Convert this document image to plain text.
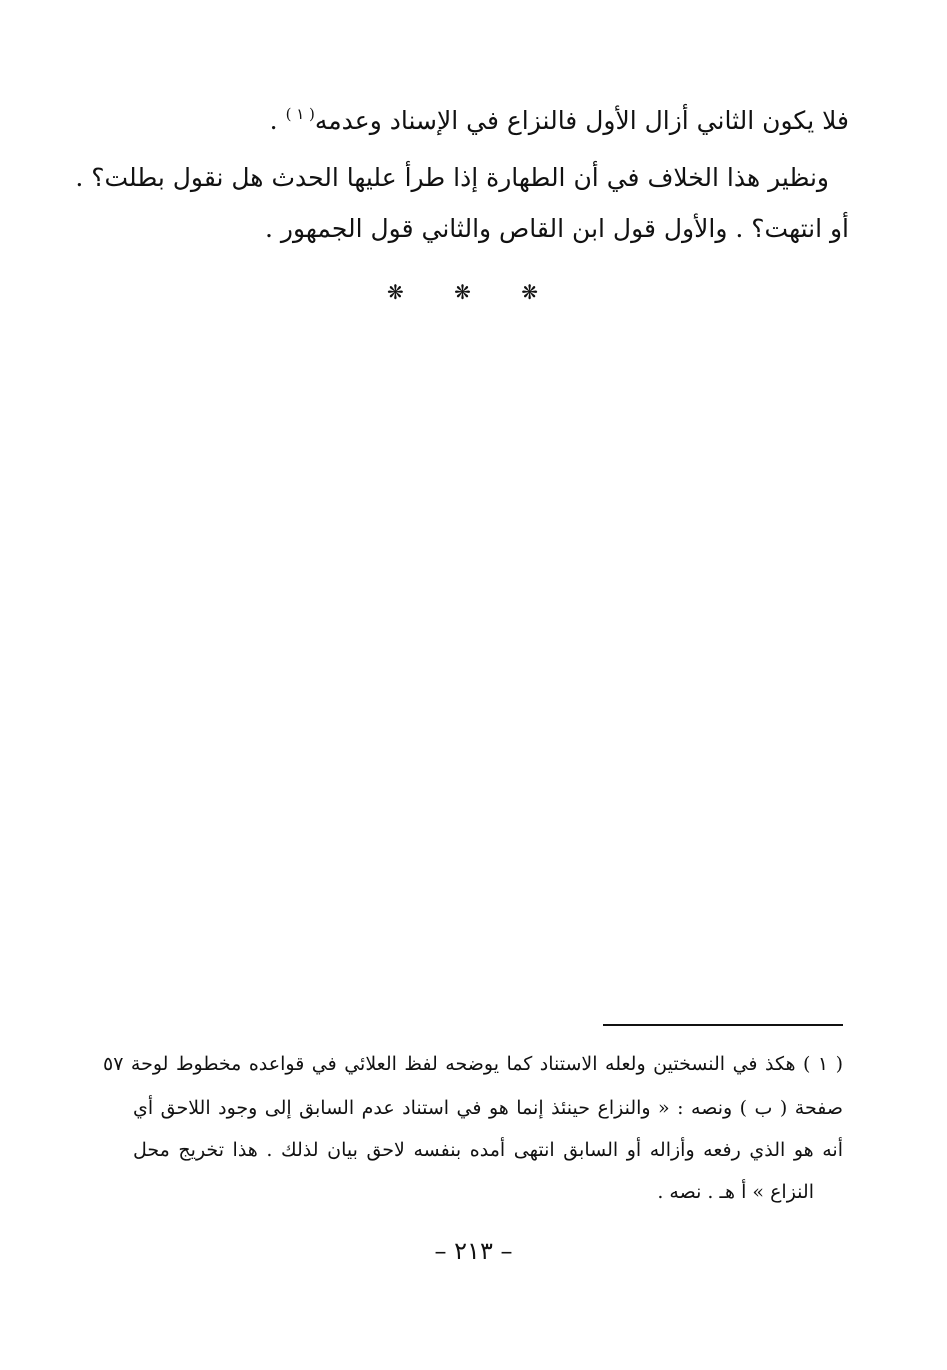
فلا يكون الثاني أزال الأول فالنزاع في الإسناد وعدمه$^{( ١ )}$ .
ونظير هذا الخلاف في أن الطهارة إذا طرأ عليها الحدث هل نقول بطلت؟ .
أو انتهت؟ . والأول قول ابن القاص والثاني قول الجمهور .
❋ ❋ ❋
( ١ ) هكذ في النسختين ولعله الاستناد كما يوضحه لفظ العلائي في قواعده مخطوط لوحة ٥٧
صفحة ( ب ) ونصه : « والنزاع حينئذ إنما هو في استناد عدم السابق إلى وجود اللاحق أي
أنه هو الذي رفعه وأزاله أو السابق انتهى أمده بنفسه لاحق بيان لذلك . هذا تخريج محل
النزاع » أ هـ . نصه .
– ٢١٣ –
